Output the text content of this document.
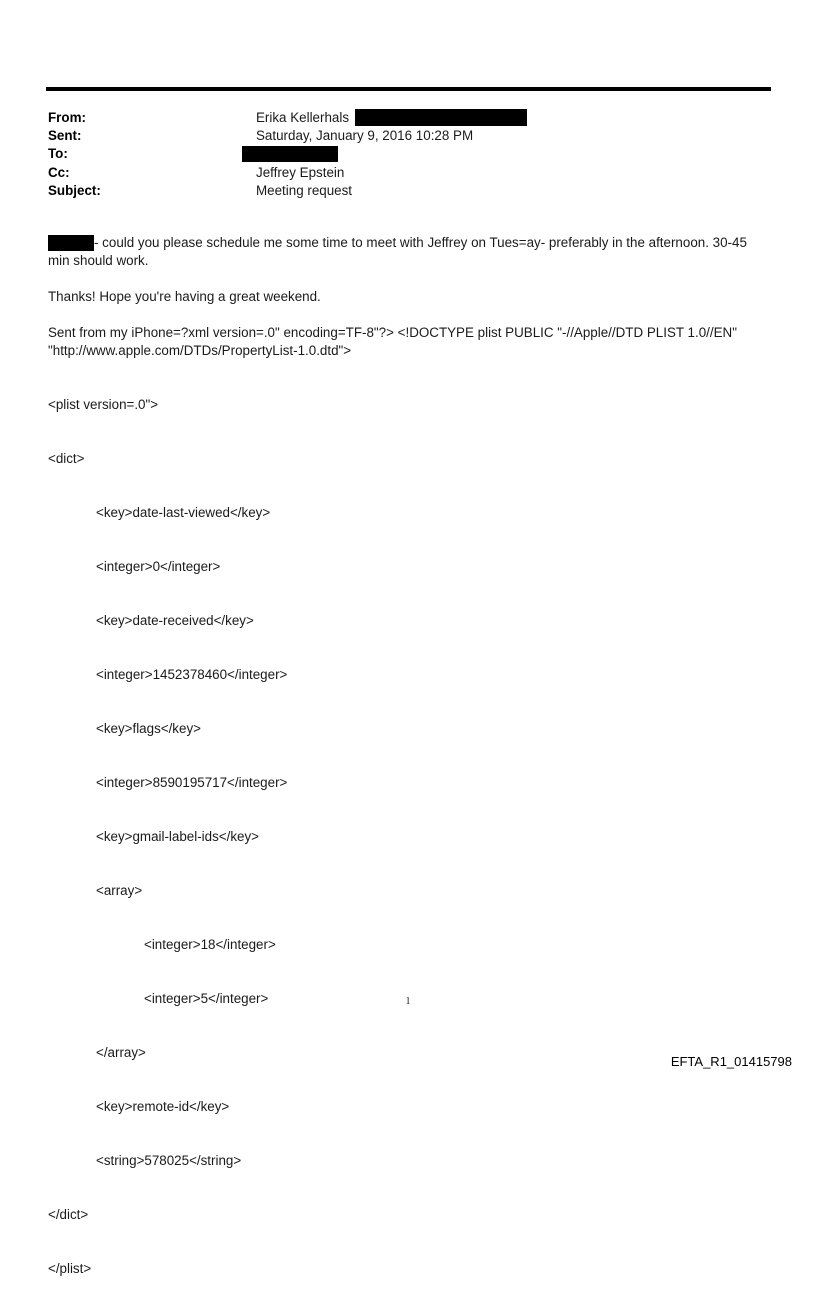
From:	Erika Kellerhals
Sent:	Saturday, January 9, 2016 10:28 PM
To:
Cc:	Jeffrey Epstein
Subject:	Meeting request

- could you please schedule me some time to meet with Jeffrey on Tues=ay- preferably in the afternoon. 30-45

min should work.

Thanks! Hope you're having a great weekend.

Sent from my iPhone=?xml version=.0" encoding=TF-8"?> <!DOCTYPE plist PUBLIC "-//Apple//DTD PLIST 1.0//EN"

"http://www.apple.com/DTDs/PropertyList-1.0.dtd">

<plist version=.0">

<dict>

<key>date-last-viewed</key>

<integer>0</integer>

<key>date-received</key>

<integer>1452378460</integer>

<key>flags</key>

<integer>8590195717</integer>

<key>gmail-label-ids</key>

<array>

<integer>18</integer>

<integer>5</integer>

</array>

<key>remote-id</key>

<string>578025</string>

</dict>

</plist>

1
EFTA_R1_01415798
